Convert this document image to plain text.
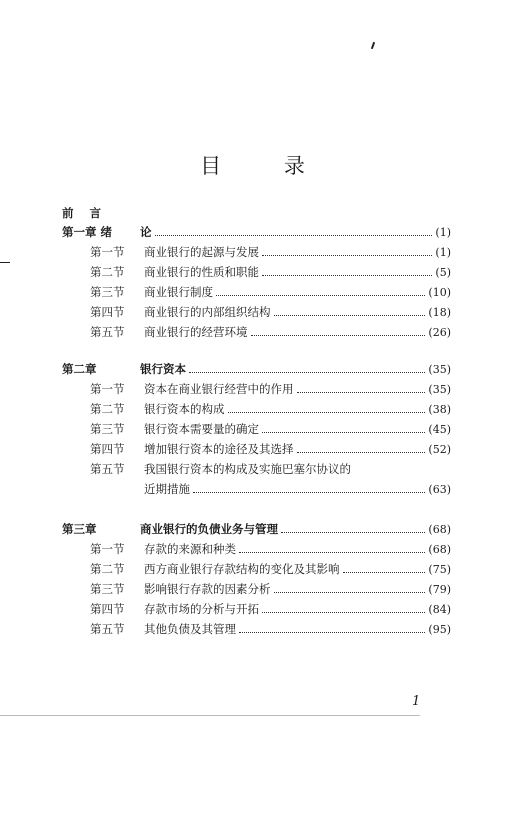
目 录
前 言
第一章 绪 论	(1)
第一节 商业银行的起源与发展	(1)
第二节 商业银行的性质和职能	(5)
第三节 商业银行制度	(10)
第四节 商业银行的内部组织结构	(18)
第五节 商业银行的经营环境	(26)
第二章	银行资本	(35)
第一节 资本在商业银行经营中的作用	(35)
第二节 银行资本的构成	(38)
第三节 银行资本需要量的确定	(45)
第四节 增加银行资本的途径及其选择	(52)
第五节 我国银行资本的构成及实施巴塞尔协议的
近期措施	(63)
第三章	商业银行的负债业务与管理	(68)
第一节 存款的来源和种类	(68)
第二节 西方商业银行存款结构的变化及其影响	(75)
第三节 影响银行存款的因素分析	(79)
第四节 存款市场的分析与开拓	(84)
第五节 其他负债及其管理	(95)
1
